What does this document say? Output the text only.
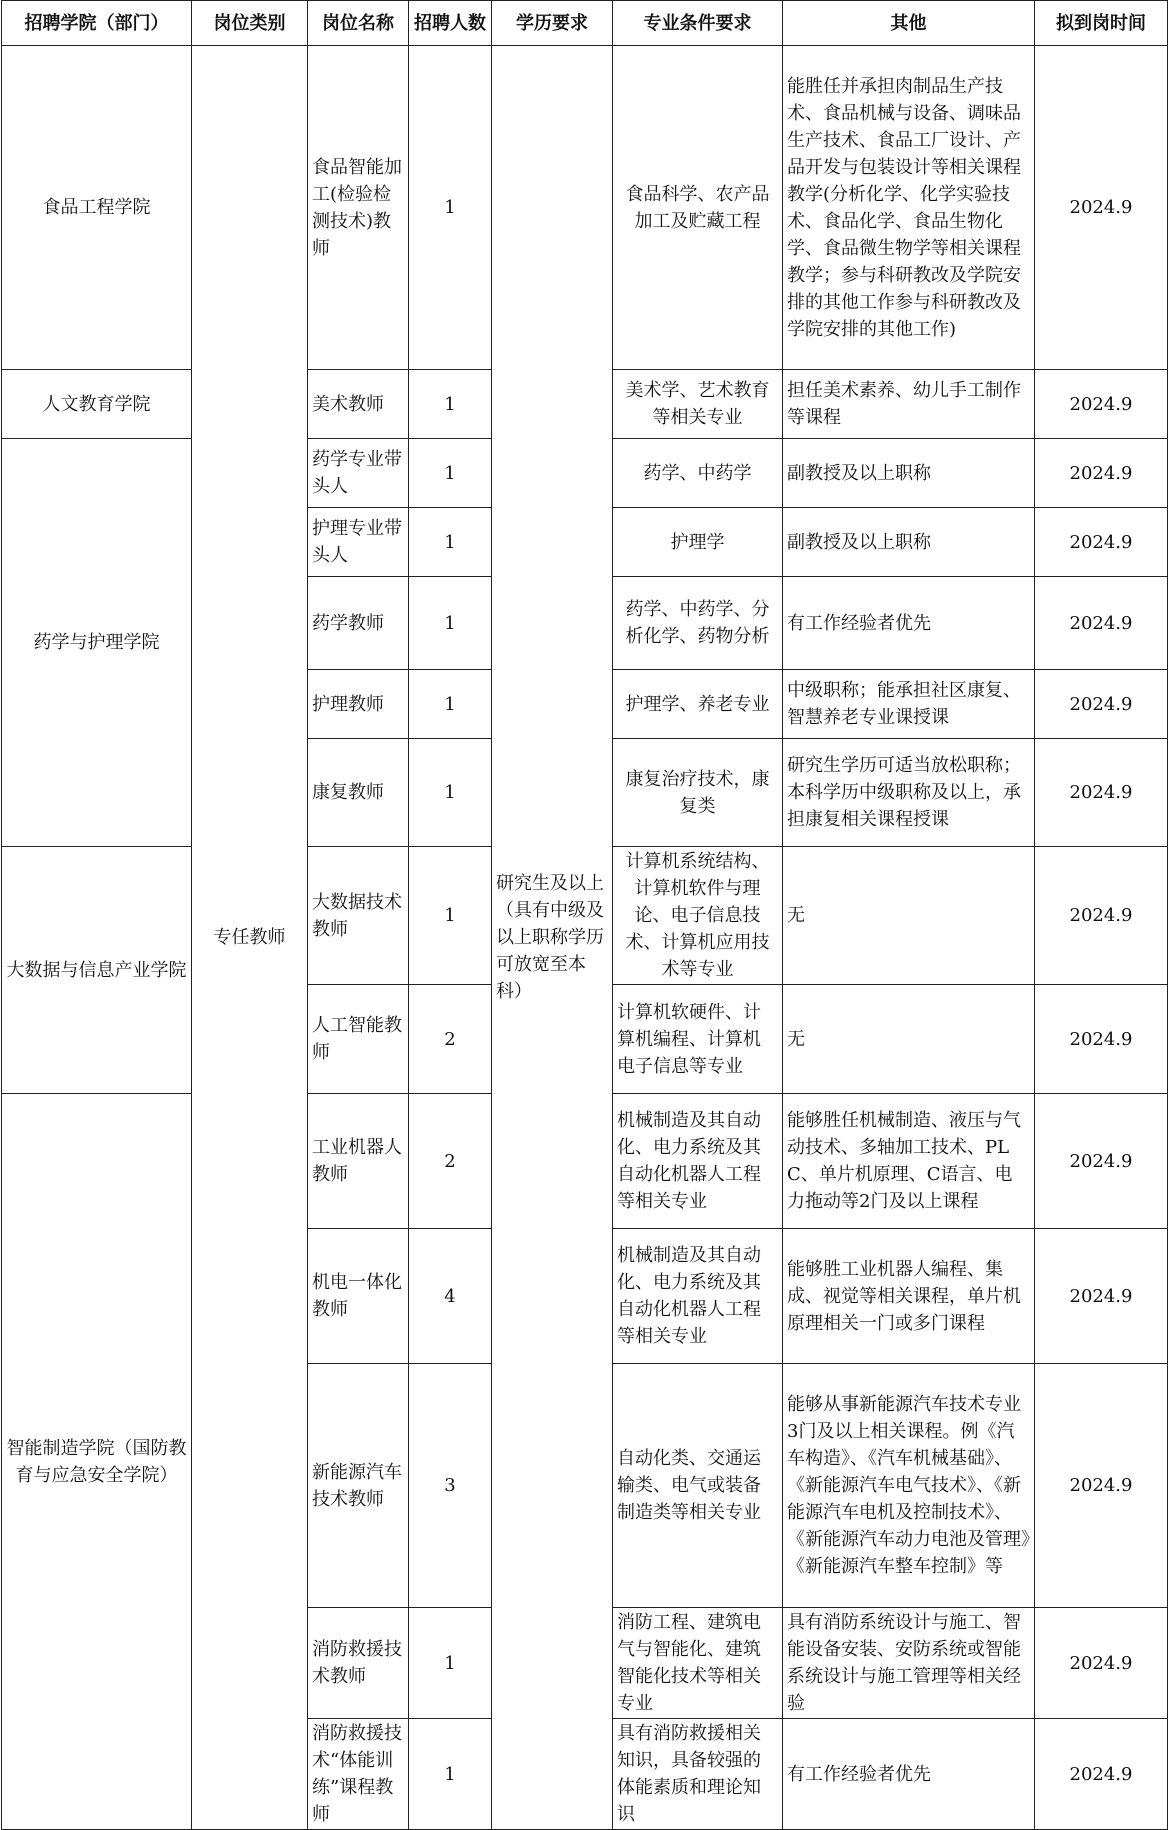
招聘学院（部门）	岗位类别	岗位名称	招聘人数	学历要求	专业条件要求	其他	拟到岗时间
食品工程学院	专任教师	食品智能加工(检验检测技术)教师	1	研究生及以上（具有中级及以上职称学历可放宽至本科）	食品科学、农产品加工及贮藏工程	能胜任并承担肉制品生产技术、食品机械与设备、调味品生产技术、食品工厂设计、产品开发与包装设计等相关课程教学(分析化学、化学实验技术、食品化学、食品生物化学、食品微生物学等相关课程教学；参与科研教改及学院安排的其他工作参与科研教改及学院安排的其他工作)	2024.9
人文教育学院		美术教师	1		美术学、艺术教育等相关专业	担任美术素养、幼儿手工制作等课程	2024.9
药学与护理学院		药学专业带头人	1		药学、中药学	副教授及以上职称	2024.9
		护理专业带头人	1		护理学	副教授及以上职称	2024.9
		药学教师	1		药学、中药学、分析化学、药物分析	有工作经验者优先	2024.9
		护理教师	1		护理学、养老专业	中级职称；能承担社区康复、智慧养老专业课授课	2024.9
		康复教师	1		康复治疗技术，康复类	研究生学历可适当放松职称；本科学历中级职称及以上，承担康复相关课程授课	2024.9
大数据与信息产业学院		大数据技术教师	1		计算机系统结构、计算机软件与理论、电子信息技术、计算机应用技术等专业	无	2024.9
		人工智能教师	2		计算机软硬件、计算机编程、计算机电子信息等专业	无	2024.9
智能制造学院（国防教育与应急安全学院）		工业机器人教师	2		机械制造及其自动化、电力系统及其自动化机器人工程等相关专业	能够胜任机械制造、液压与气动技术、多轴加工技术、PLC、单片机原理、C语言、电力拖动等2门及以上课程	2024.9
		机电一体化教师	4		机械制造及其自动化、电力系统及其自动化机器人工程等相关专业	能够胜工业机器人编程、集成、视觉等相关课程，单片机原理相关一门或多门课程	2024.9
		新能源汽车技术教师	3		自动化类、交通运输类、电气或装备制造类等相关专业	能够从事新能源汽车技术专业3门及以上相关课程。例《汽车构造》、《汽车机械基础》、《新能源汽车电气技术》、《新能源汽车电机及控制技术》、《新能源汽车动力电池及管理》《新能源汽车整车控制》等	2024.9
		消防救援技术教师	1		消防工程、建筑电气与智能化、建筑智能化技术等相关专业	具有消防系统设计与施工、智能设备安装、安防系统或智能系统设计与施工管理等相关经验	2024.9
		消防救援技术“体能训练”课程教师	1		具有消防救援相关知识，具备较强的体能素质和理论知识	有工作经验者优先	2024.9
